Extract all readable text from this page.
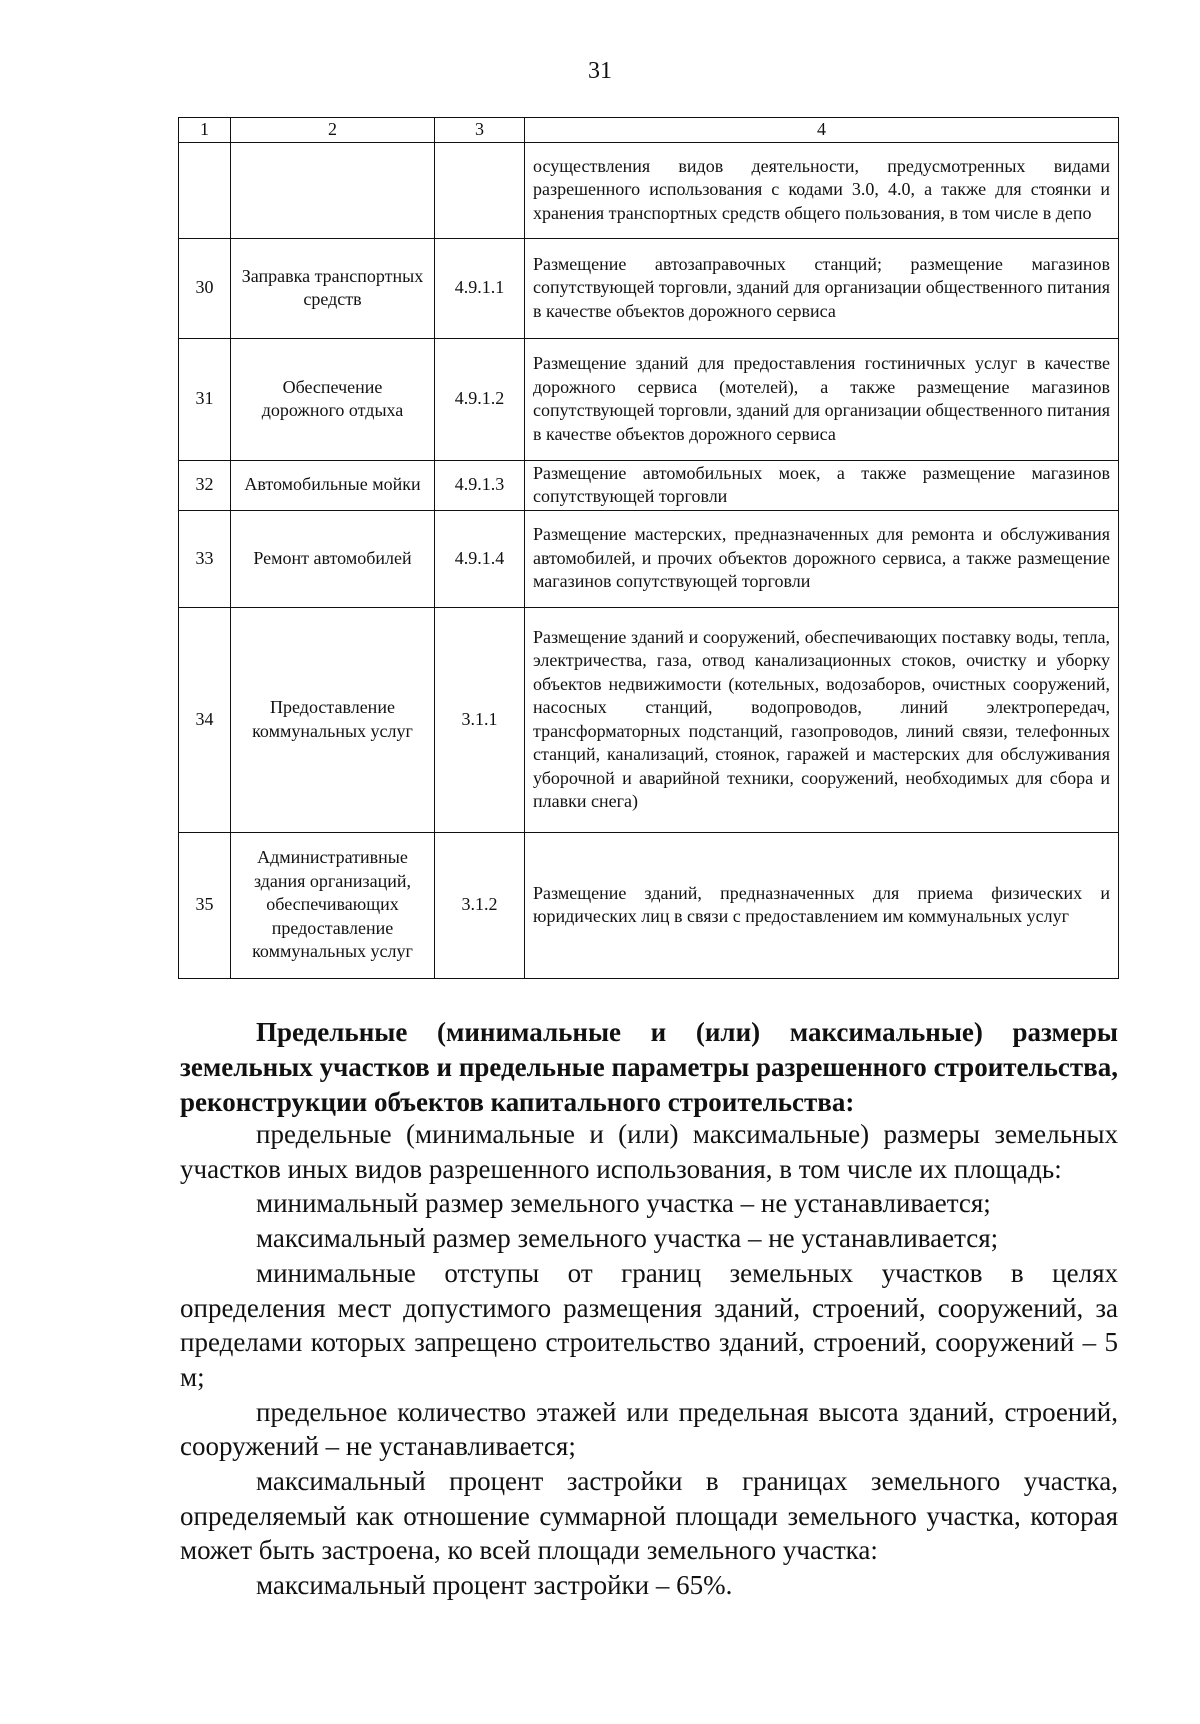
31
1	2	3	4
			осуществления видов деятельности, предусмотренных видами разрешенного использования с кодами 3.0, 4.0, а также для стоянки и хранения транспортных средств общего пользования, в том числе в депо
30	Заправка транспортных средств	4.9.1.1	Размещение автозаправочных станций; размещение магазинов сопутствующей торговли, зданий для организации общественного питания в качестве объектов дорожного сервиса
31	Обеспечение дорожного отдыха	4.9.1.2	Размещение зданий для предоставления гостиничных услуг в качестве дорожного сервиса (мотелей), а также размещение магазинов сопутствующей торговли, зданий для организации общественного питания в качестве объектов дорожного сервиса
32	Автомобильные мойки	4.9.1.3	Размещение автомобильных моек, а также размещение магазинов сопутствующей торговли
33	Ремонт автомобилей	4.9.1.4	Размещение мастерских, предназначенных для ремонта и обслуживания автомобилей, и прочих объектов дорожного сервиса, а также размещение магазинов сопутствующей торговли
34	Предоставление коммунальных услуг	3.1.1	Размещение зданий и сооружений, обеспечивающих поставку воды, тепла, электричества, газа, отвод канализационных стоков, очистку и уборку объектов недвижимости (котельных, водозаборов, очистных сооружений, насосных станций, водопроводов, линий электропередач, трансформаторных подстанций, газопроводов, линий связи, телефонных станций, канализаций, стоянок, гаражей и мастерских для обслуживания уборочной и аварийной техники, сооружений, необходимых для сбора и плавки снега)
35	Административные здания организаций, обеспечивающих предоставление коммунальных услуг	3.1.2	Размещение зданий, предназначенных для приема физических и юридических лиц в связи с предоставлением им коммунальных услуг
Предельные (минимальные и (или) максимальные) размеры земельных участков и предельные параметры разрешенного строительства, реконструкции объектов капитального строительства:

предельные (минимальные и (или) максимальные) размеры земельных участков иных видов разрешенного использования, в том числе их площадь:

минимальный размер земельного участка – не устанавливается;

максимальный размер земельного участка – не устанавливается;

минимальные отступы от границ земельных участков в целях определения мест допустимого размещения зданий, строений, сооружений, за пределами которых запрещено строительство зданий, строений, сооружений – 5 м;

предельное количество этажей или предельная высота зданий, строений, сооружений – не устанавливается;

максимальный процент застройки в границах земельного участка, определяемый как отношение суммарной площади земельного участка, которая может быть застроена, ко всей площади земельного участка:

максимальный процент застройки – 65%.
